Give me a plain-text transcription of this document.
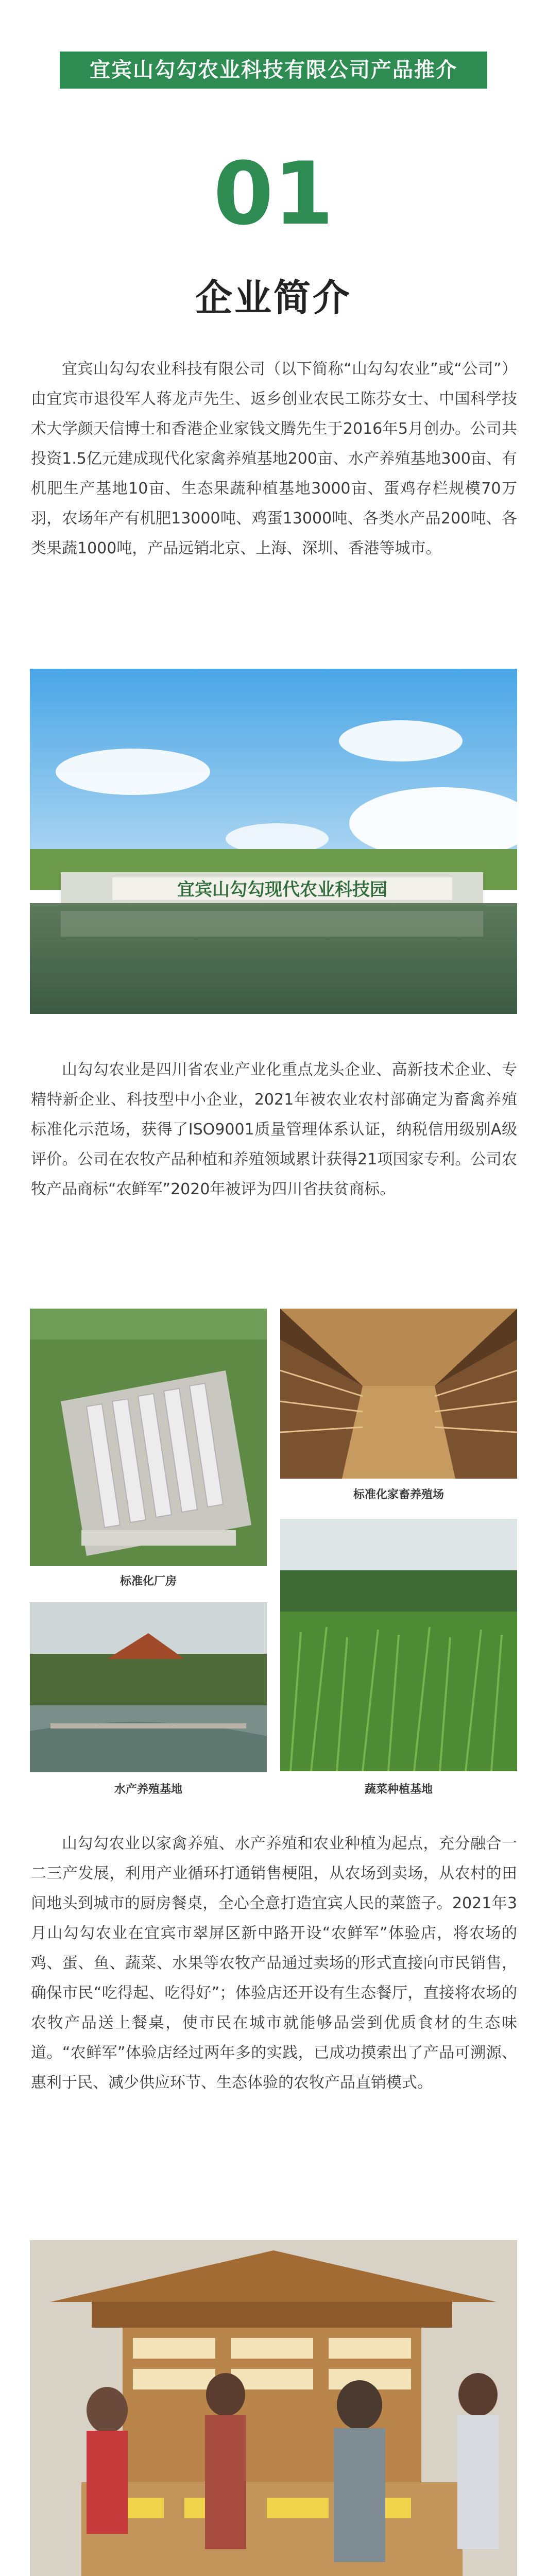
宜宾山勾勾农业科技有限公司产品推介
01
企业简介

宜宾山勾勾农业科技有限公司（以下简称“山勾勾农业”或“公司”）由宜宾市退役军人蒋龙声先生、返乡创业农民工陈芬女士、中国科学技术大学颜天信博士和香港企业家钱文腾先生于2016年5月创办。公司共投资1.5亿元建成现代化家禽养殖基地200亩、水产养殖基地300亩、有机肥生产基地10亩、生态果蔬种植基地3000亩、蛋鸡存栏规模70万羽，农场年产有机肥13000吨、鸡蛋13000吨、各类水产品200吨、各类果蔬1000吨，产品远销北京、上海、深圳、香港等城市。

宜宾山勾勾现代农业科技园

山勾勾农业是四川省农业产业化重点龙头企业、高新技术企业、专精特新企业、科技型中小企业，2021年被农业农村部确定为畜禽养殖标准化示范场，获得了ISO9001质量管理体系认证，纳税信用级别A级评价。公司在农牧产品种植和养殖领域累计获得21项国家专利。公司农牧产品商标“农鲜军”2020年被评为四川省扶贫商标。

标准化厂房
标准化家畜养殖场
蔬菜种植基地
水产养殖基地

山勾勾农业以家禽养殖、水产养殖和农业种植为起点，充分融合一二三产发展，利用产业循环打通销售梗阻，从农场到卖场，从农村的田间地头到城市的厨房餐桌，全心全意打造宜宾人民的菜篮子。2021年3月山勾勾农业在宜宾市翠屏区新中路开设“农鲜军”体验店，将农场的鸡、蛋、鱼、蔬菜、水果等农牧产品通过卖场的形式直接向市民销售，确保市民“吃得起、吃得好”；体验店还开设有生态餐厅，直接将农场的农牧产品送上餐桌，使市民在城市就能够品尝到优质食材的生态味道。“农鲜军”体验店经过两年多的实践，已成功摸索出了产品可溯源、惠利于民、减少供应环节、生态体验的农牧产品直销模式。
